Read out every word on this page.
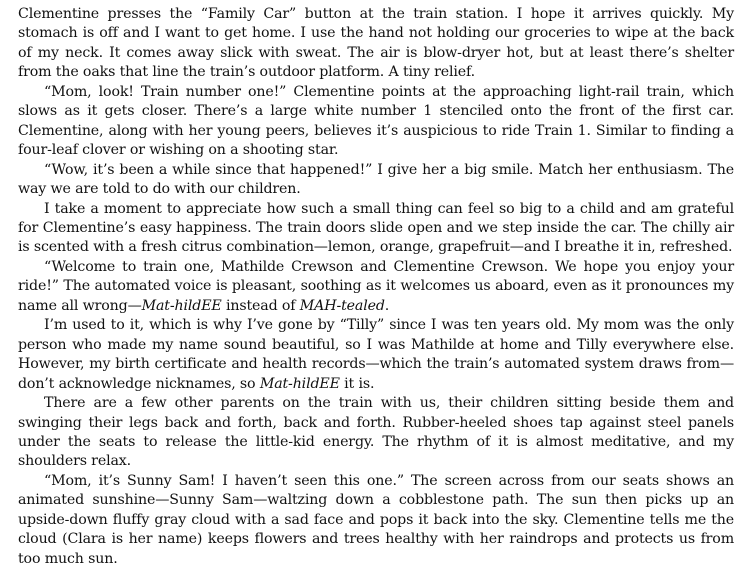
Clementine presses the “Family Car” button at the train station. I hope it arrives quickly. My stomach is off and I want to get home. I use the hand not holding our groceries to wipe at the back of my neck. It comes away slick with sweat. The air is blow-dryer hot, but at least there’s shelter from the oaks that line the train’s outdoor platform. A tiny relief.

“Mom, look! Train number one!” Clementine points at the approaching light-rail train, which slows as it gets closer. There’s a large white number 1 stenciled onto the front of the first car. Clementine, along with her young peers, believes it’s auspicious to ride Train 1. Similar to finding a four-leaf clover or wishing on a shooting star.

“Wow, it’s been a while since that happened!” I give her a big smile. Match her enthusiasm. The way we are told to do with our children.

I take a moment to appreciate how such a small thing can feel so big to a child and am grateful for Clementine’s easy happiness. The train doors slide open and we step inside the car. The chilly air is scented with a fresh citrus combination—lemon, orange, grapefruit—and I breathe it in, refreshed.

“Welcome to train one, Mathilde Crewson and Clementine Crewson. We hope you enjoy your ride!” The automated voice is pleasant, soothing as it welcomes us aboard, even as it pronounces my name all wrong—Mat-hildEE instead of MAH-tealed.

I’m used to it, which is why I’ve gone by “Tilly” since I was ten years old. My mom was the only person who made my name sound beautiful, so I was Mathilde at home and Tilly everywhere else. However, my birth certificate and health records—which the train’s automated system draws from—don’t acknowledge nicknames, so Mat-hildEE it is.

There are a few other parents on the train with us, their children sitting beside them and swinging their legs back and forth, back and forth. Rubber-heeled shoes tap against steel panels under the seats to release the little-kid energy. The rhythm of it is almost meditative, and my shoulders relax.

“Mom, it’s Sunny Sam! I haven’t seen this one.” The screen across from our seats shows an animated sunshine—Sunny Sam—waltzing down a cobblestone path. The sun then picks up an upside-down fluffy gray cloud with a sad face and pops it back into the sky. Clementine tells me the cloud (Clara is her name) keeps flowers and trees healthy with her raindrops and protects us from too much sun.
